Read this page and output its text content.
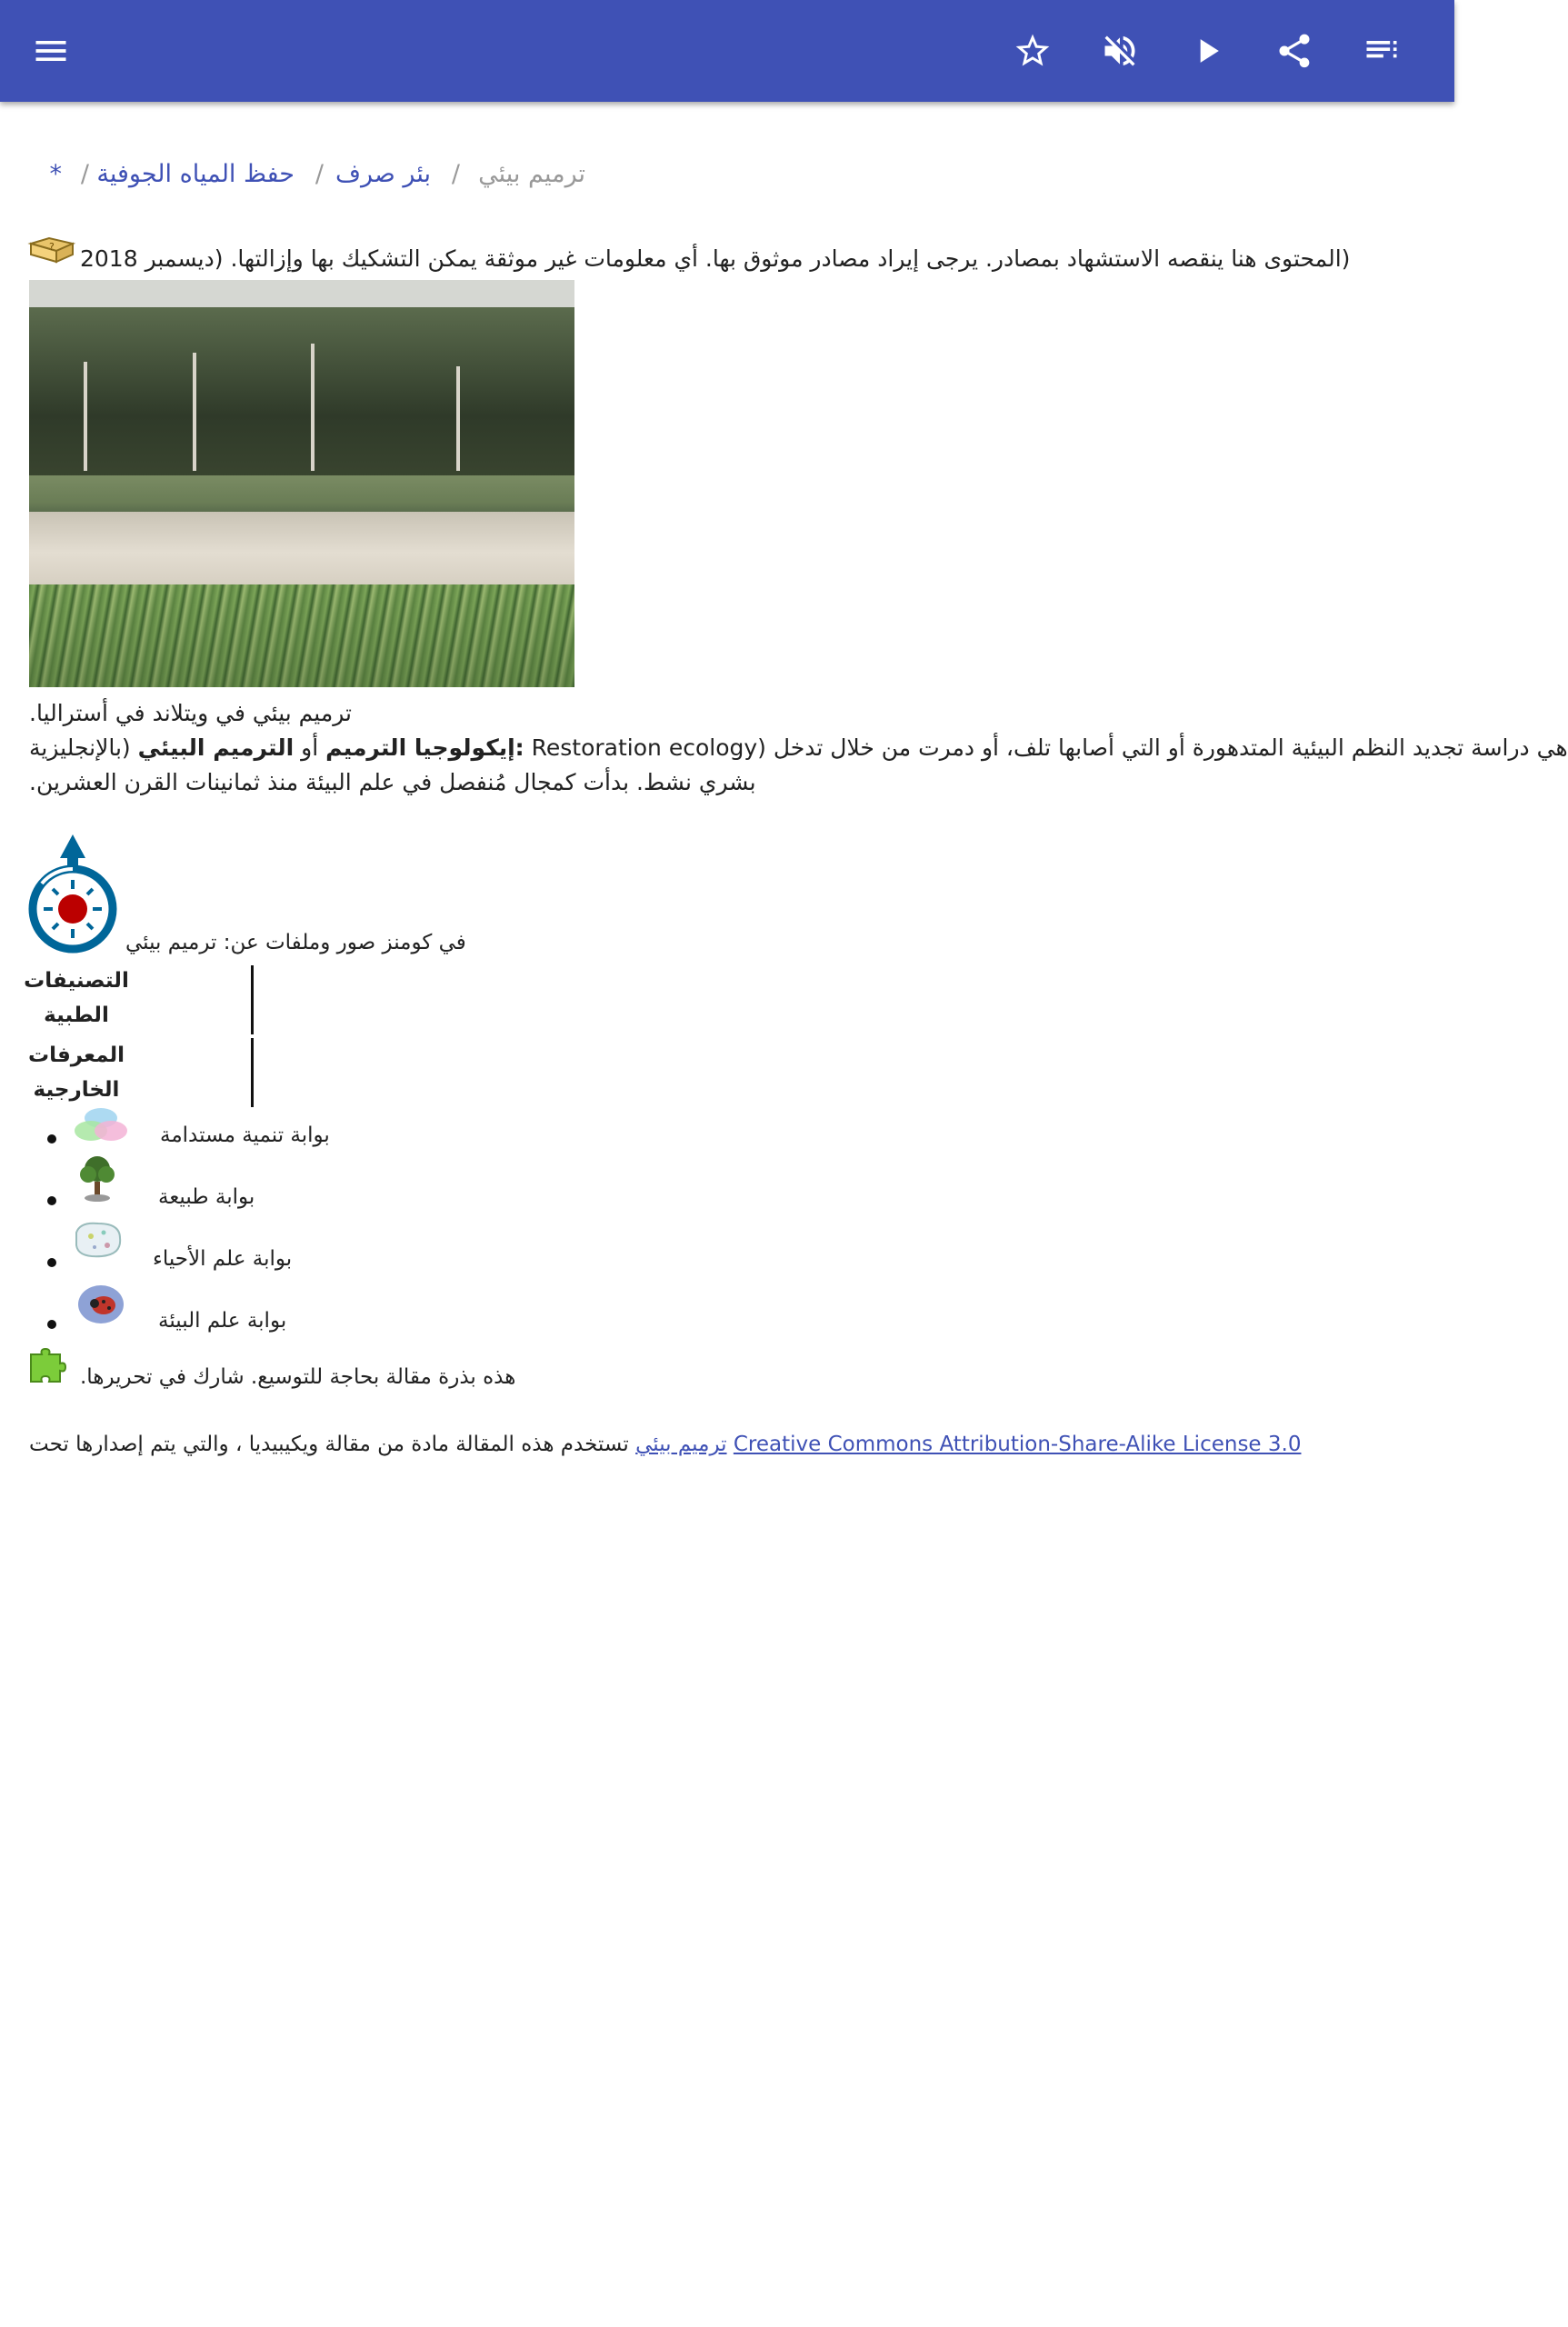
ترميم بيئي
/
بئر صرف
/
حفظ المياه الجوفية
/
*
? (المحتوى هنا ينقصه الاستشهاد بمصادر. يرجى إيراد مصادر موثوق بها. أي معلومات غير موثقة يمكن التشكيك بها وإزالتها. (ديسمبر 2018
ترميم بيئي في ويتلاند في أستراليا.
هي دراسة تجديد النظم البيئية المتدهورة أو التي أصابها تلف، أو دمرت من خلال تدخل (Restoration ecology :إيكولوجيا الترميم أو الترميم البيئي (بالإنجليزية
بشري نشط. بدأت كمجال مُنفصل في علم البيئة منذ ثمانينات القرن العشرين.
في كومنز صور وملفات عن: ترميم بيئي
التصنيفات
الطبية
المعرفات
الخارجية
بوابة تنمية مستدامة
بوابة طبيعة
بوابة علم الأحياء
بوابة علم البيئة
هذه بذرة مقالة بحاجة للتوسيع. شارك في تحريرها.
، والتي يتم إصدارها تحت	ترميم بيئي تستخدم هذه المقالة مادة من مقالة ويكيبيديا	Creative Commons Attribution-Share-Alike License 3.0
